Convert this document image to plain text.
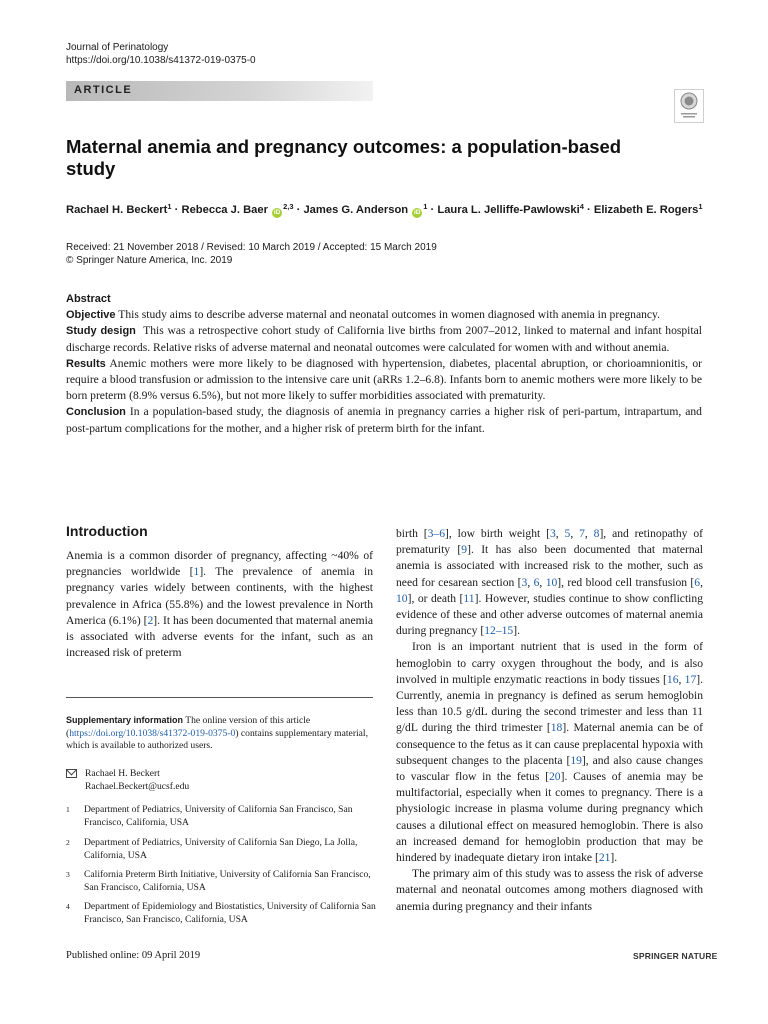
Journal of Perinatology
https://doi.org/10.1038/s41372-019-0375-0
ARTICLE
Maternal anemia and pregnancy outcomes: a population-based study
Rachael H. Beckert$^1$ · Rebecca J. Baer iD$^{2,3}$ · James G. Anderson $iD^1$ · Laura L. Jelliffe-Pawlowski$^4$ · Elizabeth E. Rogers$^1$
Received: 21 November 2018 / Revised: 10 March 2019 / Accepted: 15 March 2019
© Springer Nature America, Inc. 2019
Abstract

Objective This study aims to describe adverse maternal and neonatal outcomes in women diagnosed with anemia in pregnancy.

Study design This was a retrospective cohort study of California live births from 2007–2012, linked to maternal and infant hospital discharge records. Relative risks of adverse maternal and neonatal outcomes were calculated for women with and without anemia.

Results Anemic mothers were more likely to be diagnosed with hypertension, diabetes, placental abruption, or chorioamnionitis, or require a blood transfusion or admission to the intensive care unit (aRRs 1.2–6.8). Infants born to anemic mothers were more likely to be born preterm (8.9% versus 6.5%), but not more likely to suffer morbidities associated with prematurity.

Conclusion In a population-based study, the diagnosis of anemia in pregnancy carries a higher risk of peri-partum, intrapartum, and post-partum complications for the mother, and a higher risk of preterm birth for the infant.

Introduction

Anemia is a common disorder of pregnancy, affecting ~40% of pregnancies worldwide [1]. The prevalence of anemia in pregnancy varies widely between continents, with the highest prevalence in Africa (55.8%) and the lowest prevalence in North America (6.1%) [2]. It has been documented that maternal anemia is associated with adverse events for the infant, such as an increased risk of preterm

birth [3–6], low birth weight [3, 5, 7, 8], and retinopathy of prematurity [9]. It has also been documented that maternal anemia is associated with increased risk to the mother, such as need for cesarean section [3, 6, 10], red blood cell transfusion [6, 10], or death [11]. However, studies continue to show conflicting evidence of these and other adverse outcomes of maternal anemia during pregnancy [12–15].

Iron is an important nutrient that is used in the form of hemoglobin to carry oxygen throughout the body, and is also involved in multiple enzymatic reactions in body tissues [16, 17]. Currently, anemia in pregnancy is defined as serum hemoglobin less than 10.5 g/dL during the second trimester and less than 11 g/dL during the third trimester [18]. Maternal anemia can be of consequence to the fetus as it can cause preplacental hypoxia with subsequent changes to the placenta [19], and also cause changes to vascular flow in the fetus [20]. Causes of anemia may be multifactorial, especially when it comes to pregnancy. There is a physiologic increase in plasma volume during pregnancy which causes a dilutional effect on measured hemoglobin. There is also an increased demand for hemoglobin production that may be hindered by inadequate dietary iron intake [21].

The primary aim of this study was to assess the risk of adverse maternal and neonatal outcomes among mothers diagnosed with anemia during pregnancy and their infants

Supplementary information The online version of this article (https://doi.org/10.1038/s41372-019-0375-0) contains supplementary material, which is available to authorized users.
Rachael H. Beckert
Rachael.Beckert@ucsf.edu
1 Department of Pediatrics, University of California San Francisco, San Francisco, California, USA
2 Department of Pediatrics, University of California San Diego, La Jolla, California, USA
3 California Preterm Birth Initiative, University of California San Francisco, San Francisco, California, USA
4 Department of Epidemiology and Biostatistics, University of California San Francisco, San Francisco, California, USA
Published online: 09 April 2019	SPRINGER NATURE
